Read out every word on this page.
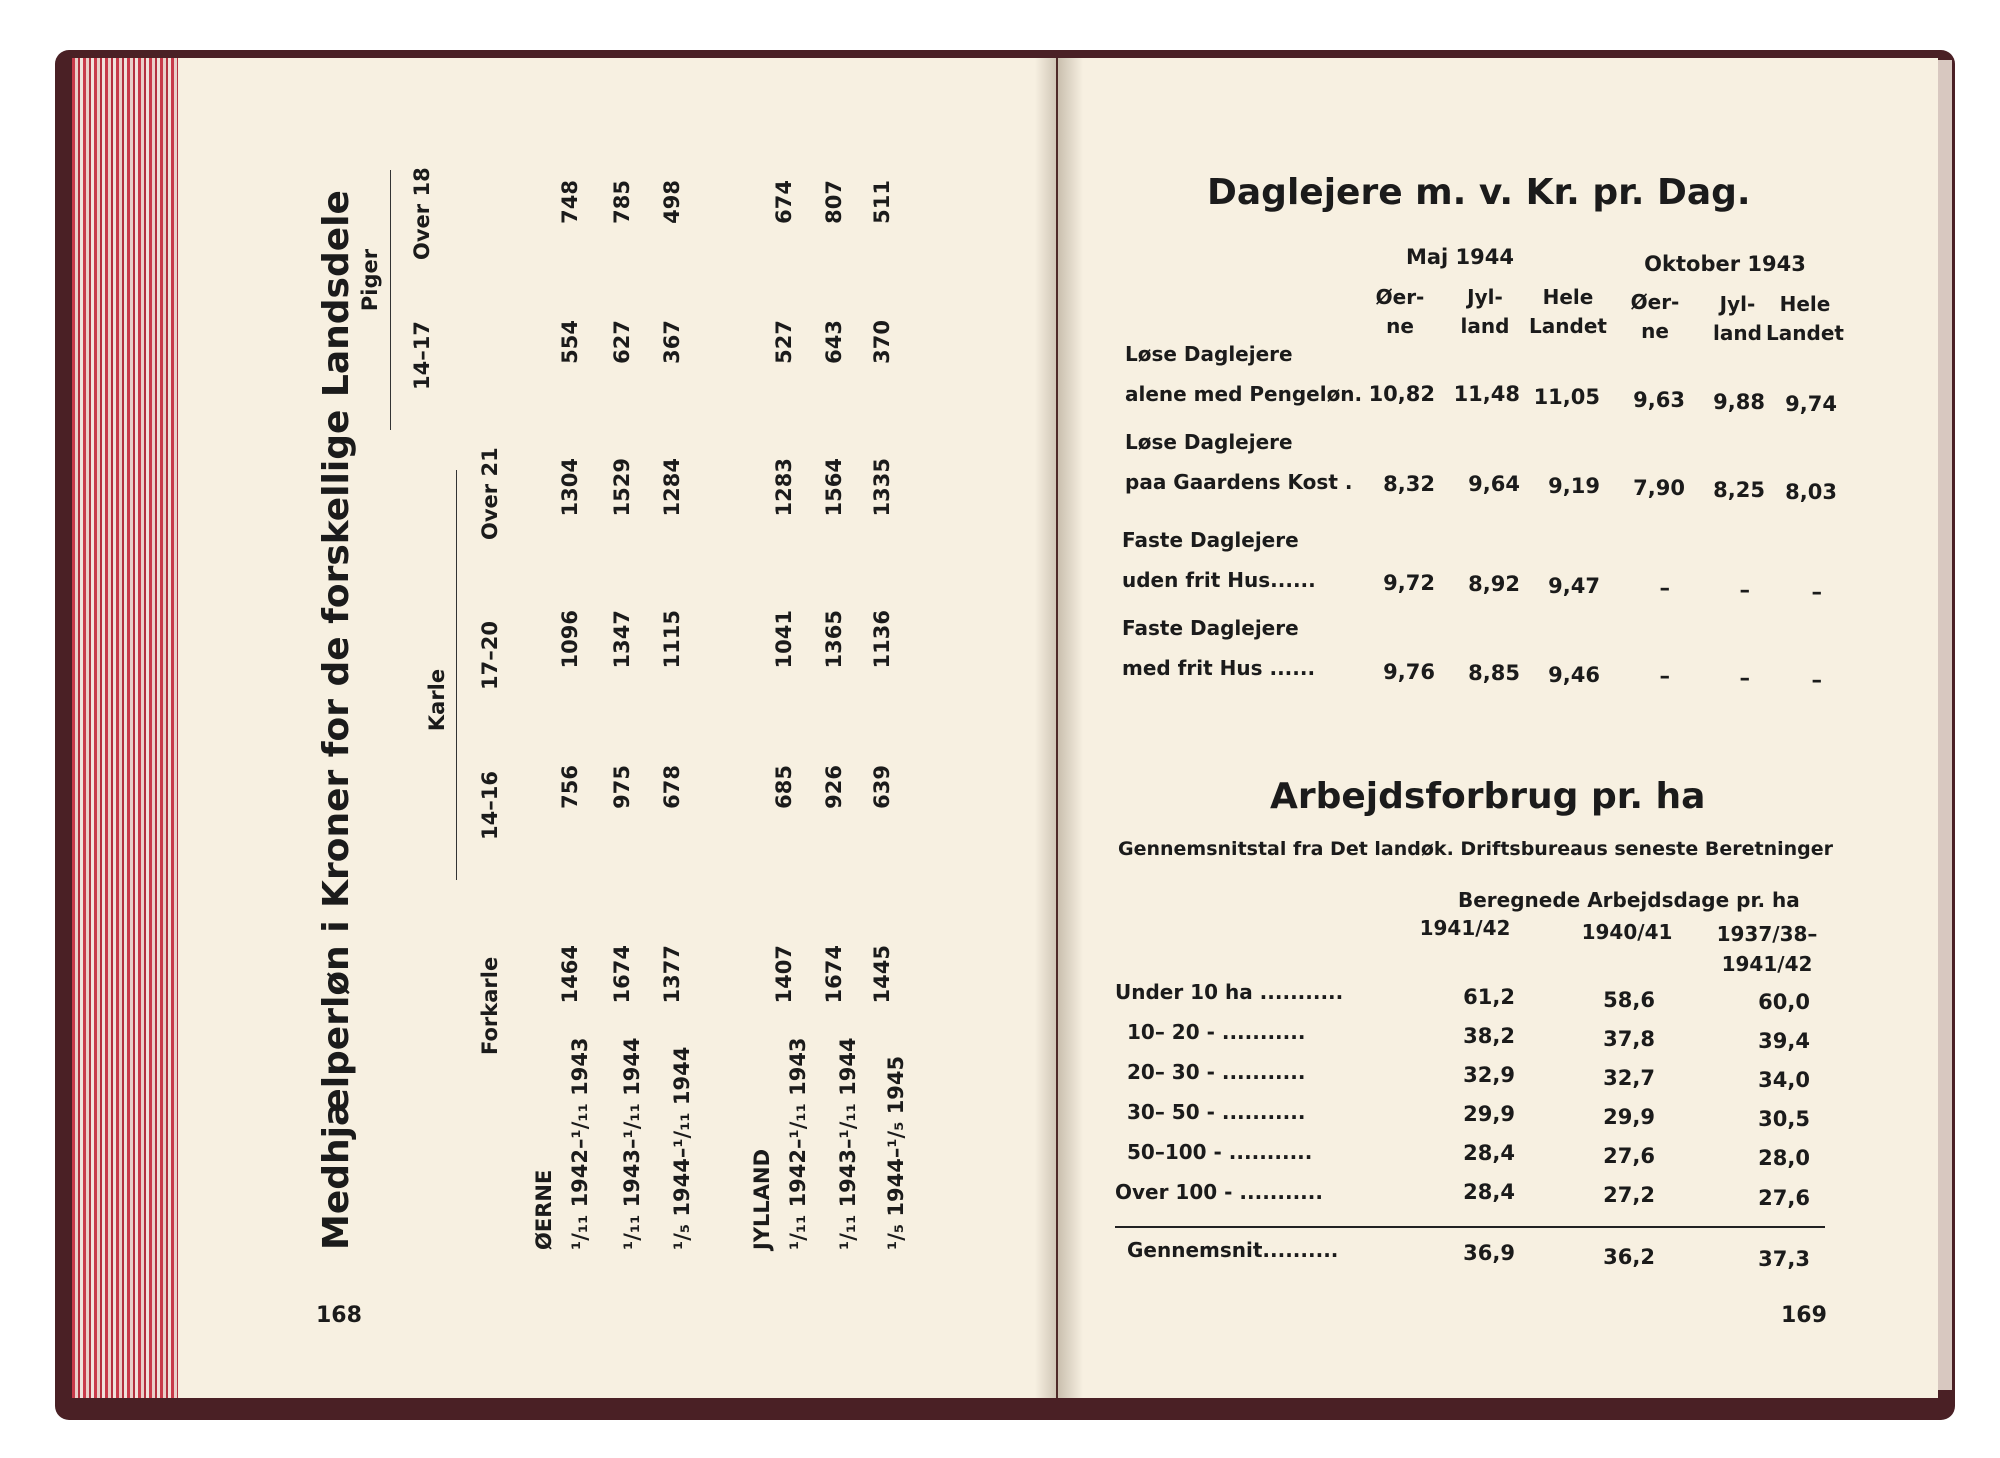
Medhjælperløn i Kroner for de forskellige Landsdele	Karle
Piger
Forkarle
14–16
17–20
Over 21
14–17
Over 18
ØERNE ¹/₁₁ 1942–¹/₁₁ 1943
1464
756
1096
1304
554
748
¹/₁₁ 1943–¹/₁₁ 1944
1674
975
1347
1529
627
785
¹/₅ 1944–¹/₁₁ 1944
1377
678
1115
1284
367
498
JYLLAND ¹/₁₁ 1942–¹/₁₁ 1943
1407
685
1041
1283
527
674
¹/₁₁ 1943–¹/₁₁ 1944
1674
926
1365
1564
643
807
¹/₅ 1944–¹/₅ 1945
1445
639
1136
1335
370
511
168
Daglejere m. v. Kr. pr. Dag.
Maj 1944	Oktober 1943
Øer-
ne
Jyl-
land
Hele
Landet
Øer-
ne
Jyl-
land
Hele
Landet
Løse Daglejere
alene med Pengeløn. 10,82 11,48 11,05	9,63	9,88 9,74
Løse Daglejere
paa Gaardens Kost .	8,32	9,64	9,19	7,90	8,25 8,03
Faste Daglejere
uden frit Hus......	9,72	8,92	9,47	–	–	–
Faste Daglejere
med frit Hus ......	9,76	8,85	9,46	–	–	–
Arbejdsforbrug pr. ha
Gennemsnitstal fra Det landøk. Driftsbureaus seneste Beretninger
Beregnede Arbejdsdage pr. ha
1941/42	1940/41	1937/38–
1941/42
Under 10 ha ...........	61,2	58,6	60,0
10– 20 - ...........	38,2	37,8	39,4
20– 30 - ...........	32,9	32,7	34,0
30– 50 - ...........	29,9	29,9	30,5
50–100 - ...........	28,4	27,6	28,0
Over 100 - ...........	28,4	27,2	27,6
Gennemsnit..........	36,9	36,2	37,3
169
